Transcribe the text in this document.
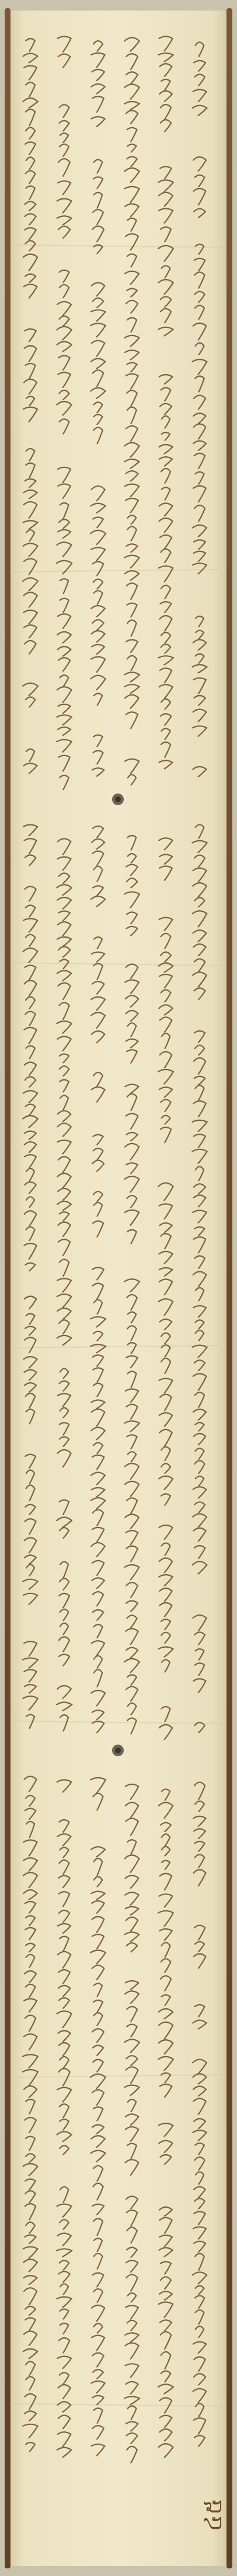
៤៥
